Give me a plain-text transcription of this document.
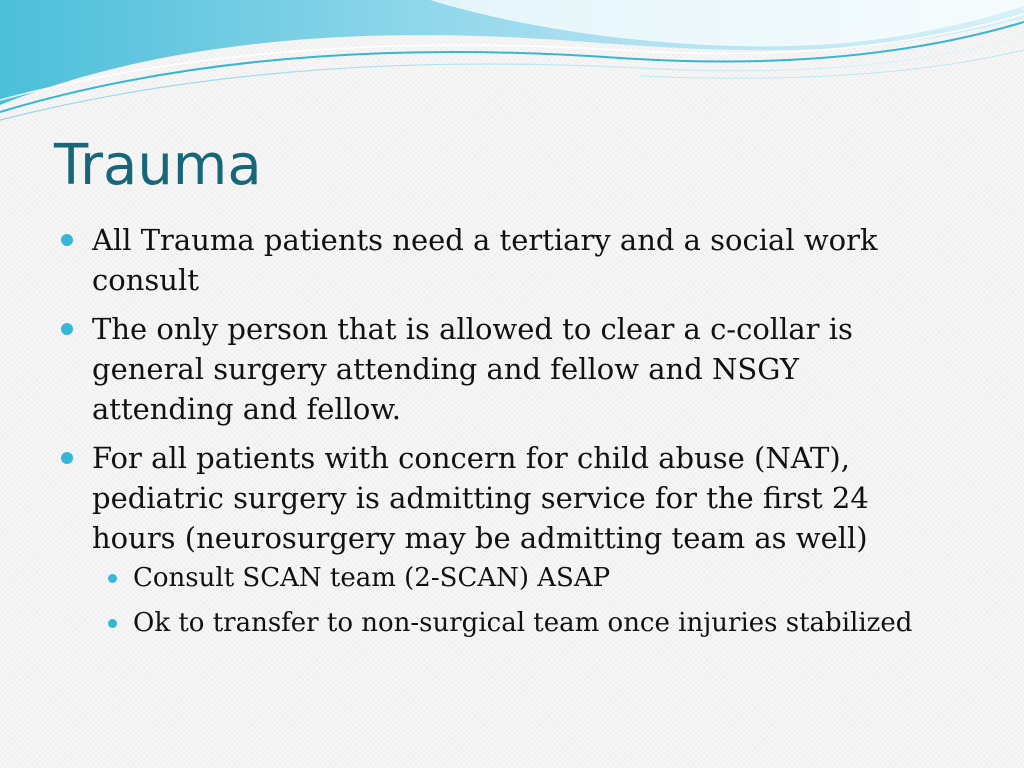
Trauma
All Trauma patients need a tertiary and a social work consult
The only person that is allowed to clear a c-collar is general surgery attending and fellow and NSGY attending and fellow.
For all patients with concern for child abuse (NAT), pediatric surgery is admitting service for the first 24 hours (neurosurgery may be admitting team as well)
Consult SCAN team (2-SCAN) ASAP
Ok to transfer to non-surgical team once injuries stabilized
